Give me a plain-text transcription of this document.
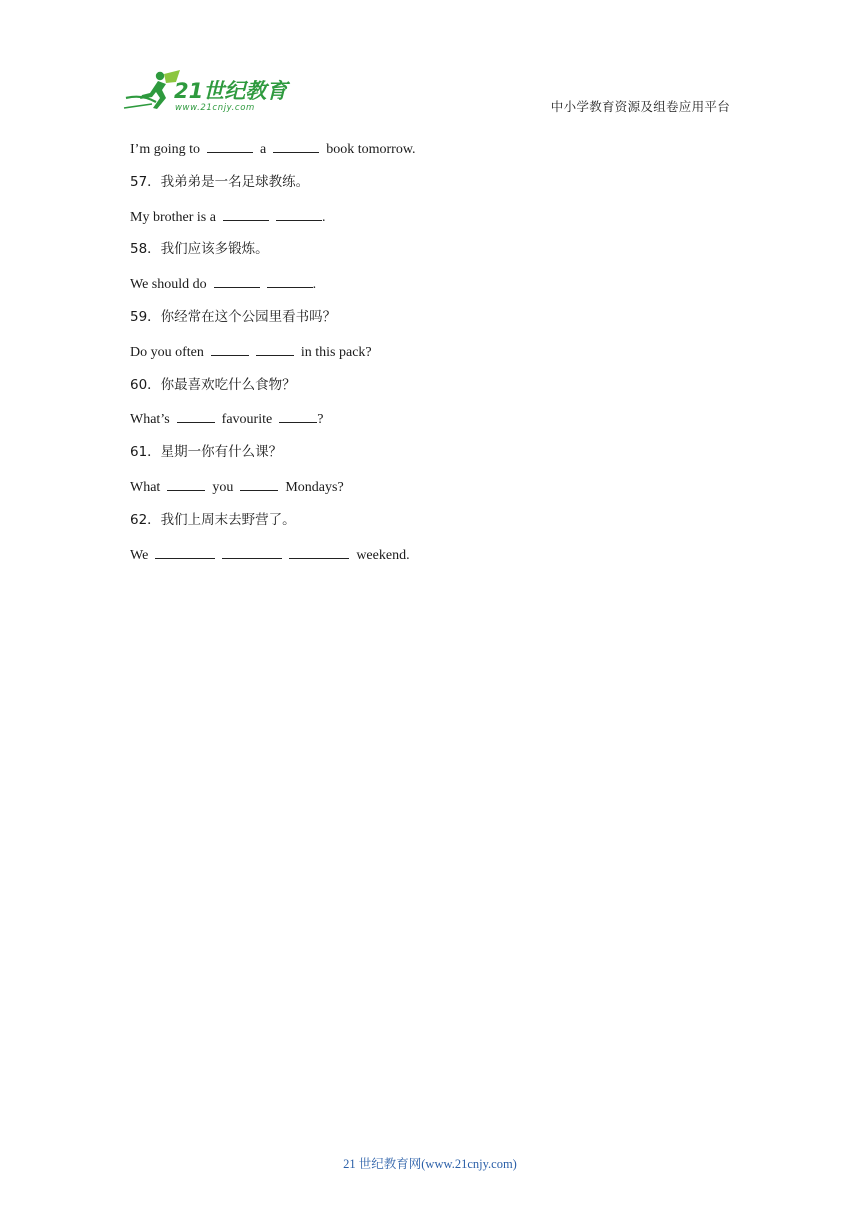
21世纪教育
www.21cnjy.com	中小学教育资源及组卷应用平台
I’m going to	a	book tomorrow.
57．我弟弟是一名足球教练。
My brother is a	.
58．我们应该多锻炼。
We should do	.
59．你经常在这个公园里看书吗？
Do you often	in this pack?
60．你最喜欢吃什么食物？
What’s	favourite	?
61．星期一你有什么课？
What	you	Mondays?
62．我们上周末去野营了。
We	weekend.
21 世纪教育网(www.21cnjy.com)
